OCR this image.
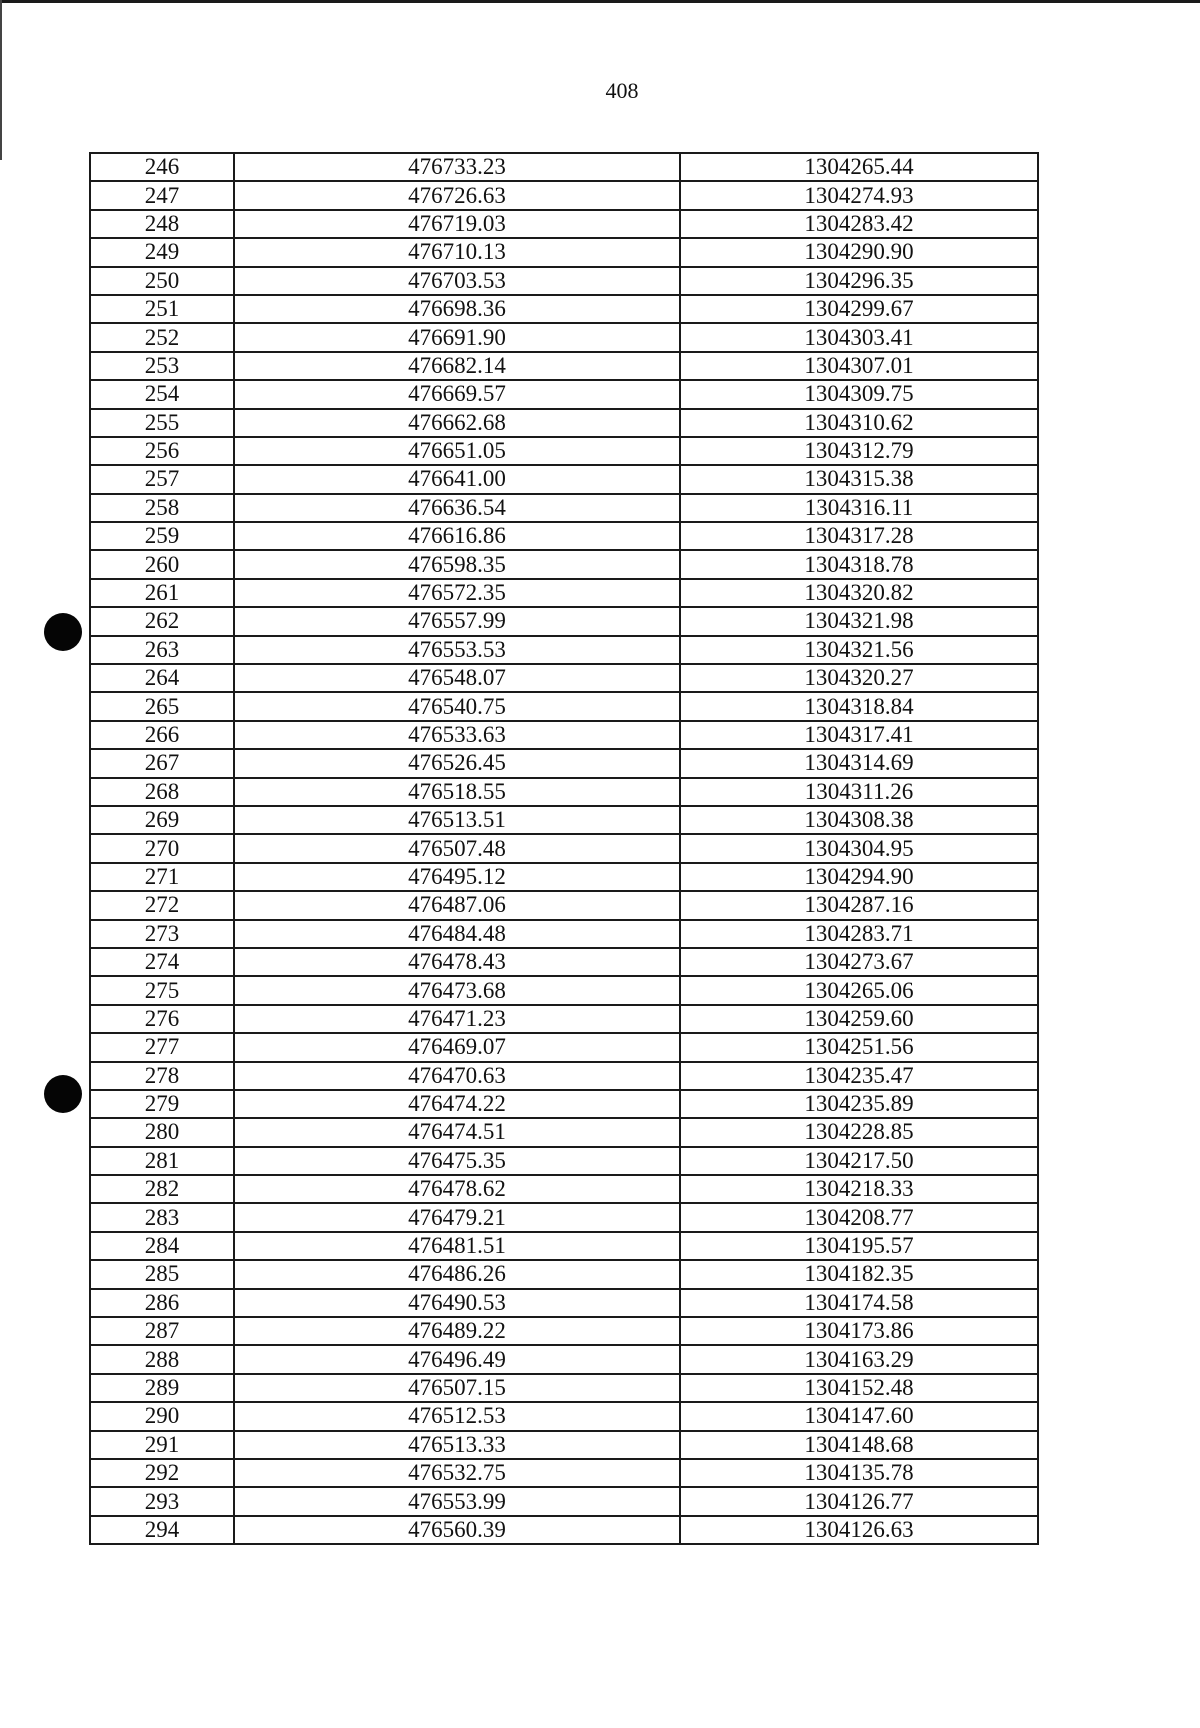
408
246	476733.23	1304265.44
247	476726.63	1304274.93
248	476719.03	1304283.42
249	476710.13	1304290.90
250	476703.53	1304296.35
251	476698.36	1304299.67
252	476691.90	1304303.41
253	476682.14	1304307.01
254	476669.57	1304309.75
255	476662.68	1304310.62
256	476651.05	1304312.79
257	476641.00	1304315.38
258	476636.54	1304316.11
259	476616.86	1304317.28
260	476598.35	1304318.78
261	476572.35	1304320.82
262	476557.99	1304321.98
263	476553.53	1304321.56
264	476548.07	1304320.27
265	476540.75	1304318.84
266	476533.63	1304317.41
267	476526.45	1304314.69
268	476518.55	1304311.26
269	476513.51	1304308.38
270	476507.48	1304304.95
271	476495.12	1304294.90
272	476487.06	1304287.16
273	476484.48	1304283.71
274	476478.43	1304273.67
275	476473.68	1304265.06
276	476471.23	1304259.60
277	476469.07	1304251.56
278	476470.63	1304235.47
279	476474.22	1304235.89
280	476474.51	1304228.85
281	476475.35	1304217.50
282	476478.62	1304218.33
283	476479.21	1304208.77
284	476481.51	1304195.57
285	476486.26	1304182.35
286	476490.53	1304174.58
287	476489.22	1304173.86
288	476496.49	1304163.29
289	476507.15	1304152.48
290	476512.53	1304147.60
291	476513.33	1304148.68
292	476532.75	1304135.78
293	476553.99	1304126.77
294	476560.39	1304126.63
